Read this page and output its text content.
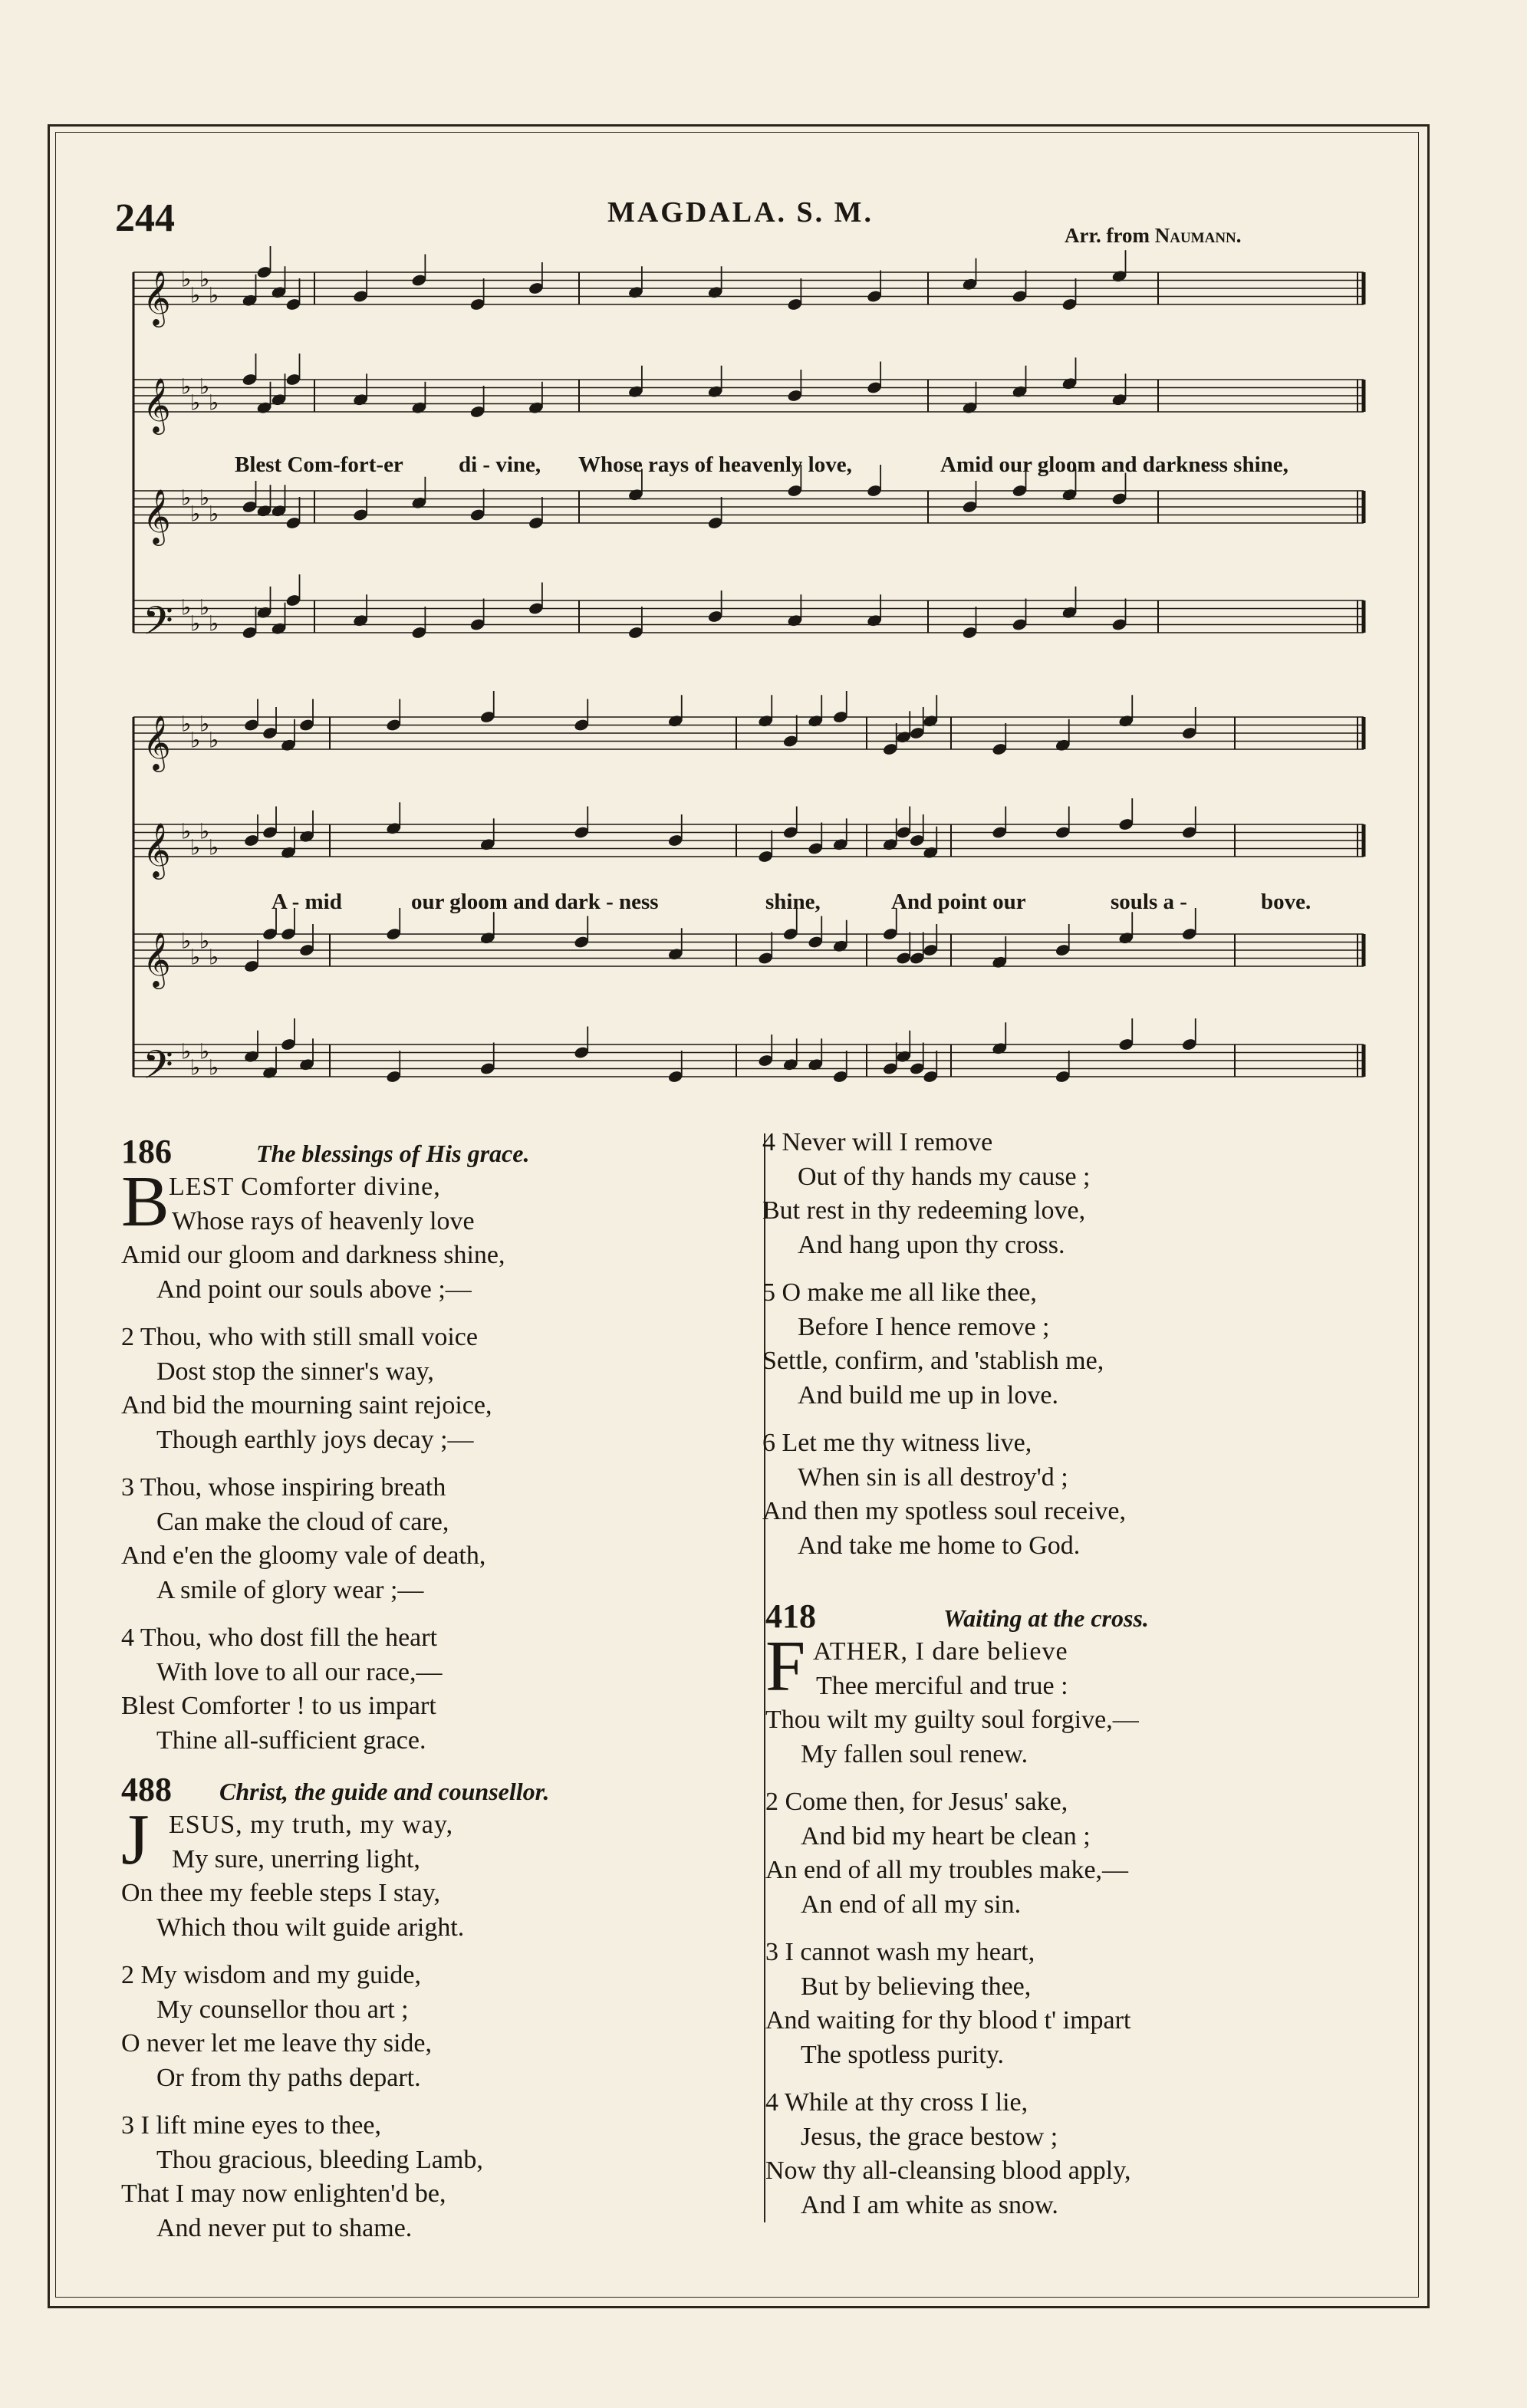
244	MAGDALA. S. M.
Arr. from Naumann.
𝄞 ♭
♭
♭
♭
𝄞 ♭
♭
♭
♭
𝄞 ♭
♭
♭
♭
𝄢 ♭
♭
♭
♭
𝄞 ♭
♭
♭
♭
𝄞 ♭
♭
♭
♭
𝄞 ♭
♭
♭
♭
𝄢 ♭
♭
♭
♭
Blest Com-fort-er di - vine, Whose rays of heavenly love,	Amid our gloom and darkness shine,
A - mid	our gloom and dark - ness	shine,	And point our	souls a -	bove.
186	The blessings of His grace.
B LEST Comforter divine,
Whose rays of heavenly love
Amid our gloom and darkness shine,
And point our souls above ;—
2 Thou, who with still small voice
Dost stop the sinner's way,
And bid the mourning saint rejoice,
Though earthly joys decay ;—
3 Thou, whose inspiring breath
Can make the cloud of care,
And e'en the gloomy vale of death,
A smile of glory wear ;—
4 Thou, who dost fill the heart
With love to all our race,—
Blest Comforter ! to us impart
Thine all-sufficient grace.
488 Christ, the guide and counsellor.
J ESUS, my truth, my way,
My sure, unerring light,
On thee my feeble steps I stay,
Which thou wilt guide aright.
2 My wisdom and my guide,
My counsellor thou art ;
O never let me leave thy side,
Or from thy paths depart.
3 I lift mine eyes to thee,
Thou gracious, bleeding Lamb,
That I may now enlighten'd be,
And never put to shame.
4 Never will I remove
Out of thy hands my cause ;
But rest in thy redeeming love,
And hang upon thy cross.
5 O make me all like thee,
Before I hence remove ;
Settle, confirm, and 'stablish me,
And build me up in love.
6 Let me thy witness live,
When sin is all destroy'd ;
And then my spotless soul receive,
And take me home to God.
418	Waiting at the cross.
F ATHER, I dare believe
Thee merciful and true :
Thou wilt my guilty soul forgive,—
My fallen soul renew.
2 Come then, for Jesus' sake,
And bid my heart be clean ;
An end of all my troubles make,—
An end of all my sin.
3 I cannot wash my heart,
But by believing thee,
And waiting for thy blood t' impart
The spotless purity.
4 While at thy cross I lie,
Jesus, the grace bestow ;
Now thy all-cleansing blood apply,
And I am white as snow.
